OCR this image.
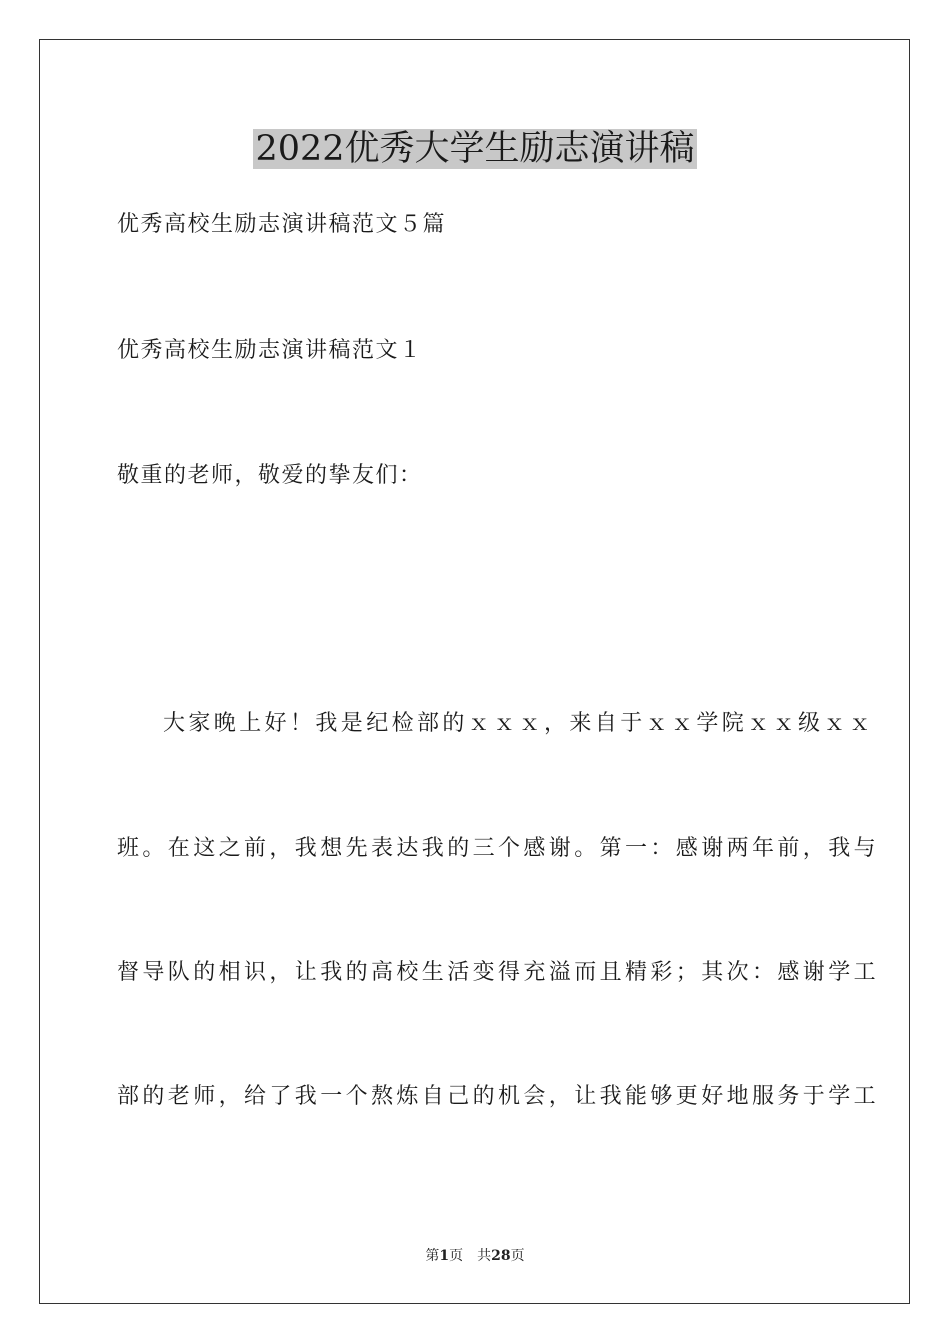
2022优秀大学生励志演讲稿
优秀高校生励志演讲稿范文５篇
优秀高校生励志演讲稿范文１
敬重的老师，敬爱的挚友们：
大家晚上好！我是纪检部的ｘｘｘ，来自于ｘｘ学院ｘｘ级ｘｘ
班。在这之前，我想先表达我的三个感谢。第一：感谢两年前，我与
督导队的相识，让我的高校生活变得充溢而且精彩；其次：感谢学工
部的老师，给了我一个熬炼自己的机会，让我能够更好地服务于学工
第1页　共28页
